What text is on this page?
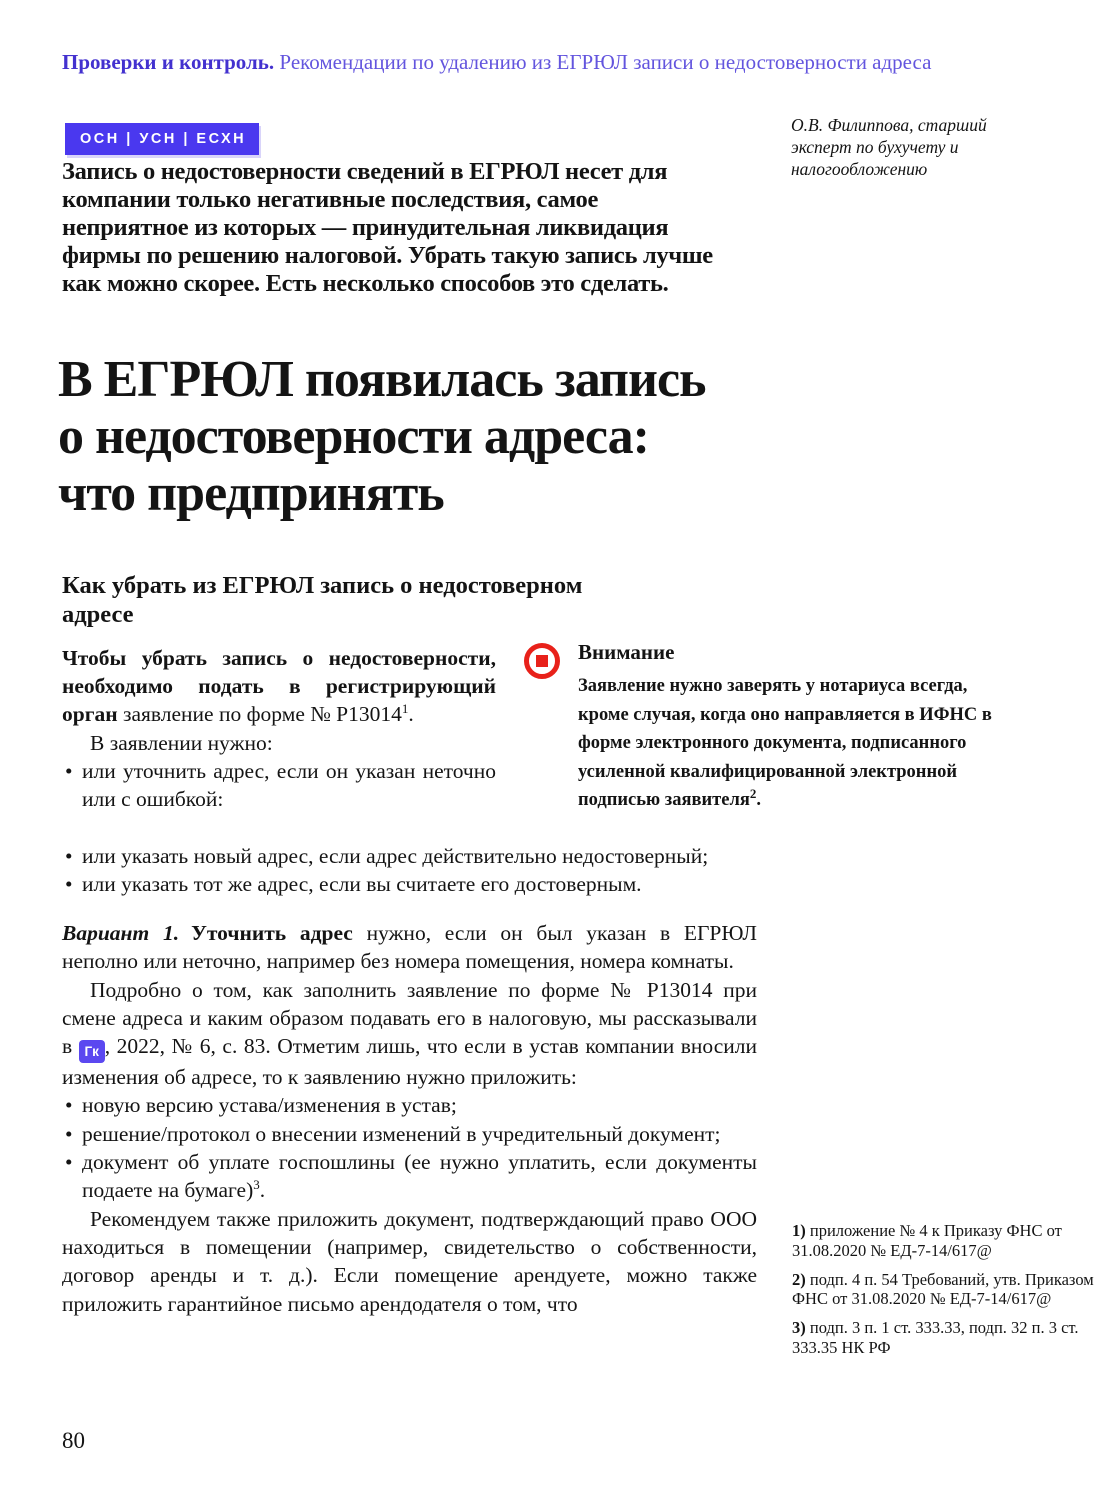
Проверки и контроль. Рекомендации по удалению из ЕГРЮЛ записи о недостоверности адреса
ОСН | УСН | ЕСХН
О.В. Филиппова, старший эксперт по бухучету и налогообложению
Запись о недостоверности сведений в ЕГРЮЛ несет для компании только негативные последствия, самое неприятное из которых — принудительная ликвидация фирмы по решению налоговой. Убрать такую запись лучше как можно скорее. Есть несколько способов это сделать.
В ЕГРЮЛ появилась запись
о недостоверности адреса:
что предпринять
Как убрать из ЕГРЮЛ запись о недостоверном
адресе

Чтобы убрать запись о недостоверности, необходимо подать в регистрирующий орган заявление по форме № Р13014$^1$.

В заявлении нужно:

• или уточнить адрес, если он указан неточно или с ошибкой:
• или указать новый адрес, если адрес действительно недостоверный;
• или указать тот же адрес, если вы считаете его достоверным.

Внимание

Заявление нужно заверять у нотариуса всегда, кроме случая, когда оно направляется в ИФНС в форме электронного документа, подписанного усиленной квалифицированной электронной подписью заявителя$^2$.

Вариант 1. Уточнить адрес нужно, если он был указан в ЕГРЮЛ неполно или неточно, например без номера помещения, номера комнаты.

Подробно о том, как заполнить заявление по форме № Р13014 при смене адреса и каким образом подавать его в налоговую, мы рассказывали в Гк , 2022, № 6, с. 83. Отметим лишь, что если в устав компании вносили изменения об адресе, то к заявлению нужно приложить:

• новую версию устава/изменения в устав;
• решение/протокол о внесении изменений в учредительный документ;
• документ об уплате госпошлины (ее нужно уплатить, если документы подаете на бумаге)$^3$.

Рекомендуем также приложить документ, подтверждающий право ООО находиться в помещении (например, свидетельство о собственности, договор аренды и т. д.). Если помещение арендуете, можно также приложить гарантийное письмо арендодателя о том, что

1) приложение № 4 к Приказу ФНС от 31.08.2020 № ЕД-7-14/617@

2) подп. 4 п. 54 Требований, утв. Приказом ФНС от 31.08.2020 № ЕД-7-14/617@

3) подп. 3 п. 1 ст. 333.33, подп. 32 п. 3 ст. 333.35 НК РФ

80
